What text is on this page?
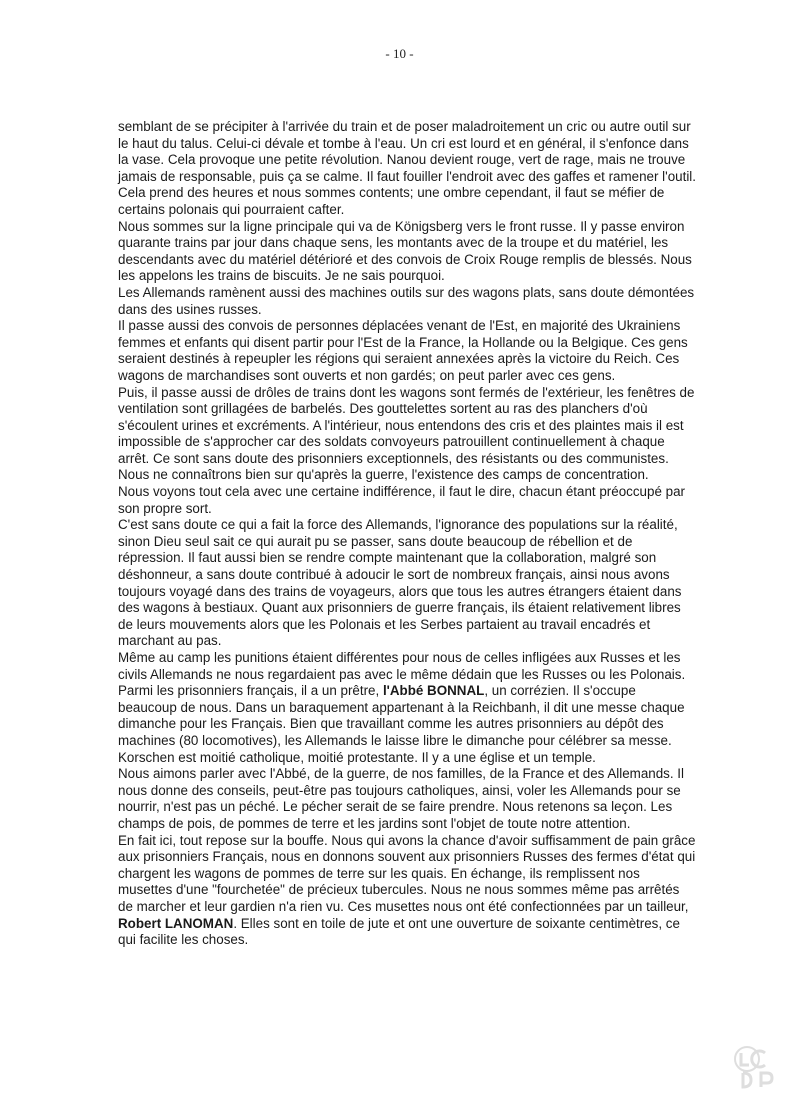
- 10 -

semblant de se précipiter à l'arrivée du train et de poser maladroitement un cric ou autre outil sur le haut du talus. Celui-ci dévale et tombe à l'eau. Un cri est lourd et en général, il s'enfonce dans la vase. Cela provoque une petite révolution. Nanou devient rouge, vert de rage, mais ne trouve jamais de responsable, puis ça se calme. Il faut fouiller l'endroit avec des gaffes et ramener l'outil. Cela prend des heures et nous sommes contents; une ombre cependant, il faut se méfier de certains polonais qui pourraient cafter.

Nous sommes sur la ligne principale qui va de Königsberg vers le front russe. Il y passe environ quarante trains par jour dans chaque sens, les montants avec de la troupe et du matériel, les descendants avec du matériel détérioré et des convois de Croix Rouge remplis de blessés. Nous les appelons les trains de biscuits. Je ne sais pourquoi.

Les Allemands ramènent aussi des machines outils sur des wagons plats, sans doute démontées dans des usines russes.

Il passe aussi des convois de personnes déplacées venant de l'Est, en majorité des Ukrainiens femmes et enfants qui disent partir pour l'Est de la France, la Hollande ou la Belgique. Ces gens seraient destinés à repeupler les régions qui seraient annexées après la victoire du Reich. Ces wagons de marchandises sont ouverts et non gardés; on peut parler avec ces gens.

Puis, il passe aussi de drôles de trains dont les wagons sont fermés de l'extérieur, les fenêtres de ventilation sont grillagées de barbelés. Des gouttelettes sortent au ras des planchers d'où s'écoulent urines et excréments. A l'intérieur, nous entendons des cris et des plaintes mais il est impossible de s'approcher car des soldats convoyeurs patrouillent continuellement à chaque arrêt. Ce sont sans doute des prisonniers exceptionnels, des résistants ou des communistes. Nous ne connaîtrons bien sur qu'après la guerre, l'existence des camps de concentration.

Nous voyons tout cela avec une certaine indifférence, il faut le dire, chacun étant préoccupé par son propre sort.

C'est sans doute ce qui a fait la force des Allemands, l'ignorance des populations sur la réalité, sinon Dieu seul sait ce qui aurait pu se passer, sans doute beaucoup de rébellion et de répression. Il faut aussi bien se rendre compte maintenant que la collaboration, malgré son déshonneur, a sans doute contribué à adoucir le sort de nombreux français, ainsi nous avons toujours voyagé dans des trains de voyageurs, alors que tous les autres étrangers étaient dans des wagons à bestiaux. Quant aux prisonniers de guerre français, ils étaient relativement libres de leurs mouvements alors que les Polonais et les Serbes partaient au travail encadrés et marchant au pas.

Même au camp les punitions étaient différentes pour nous de celles infligées aux Russes et les civils Allemands ne nous regardaient pas avec le même dédain que les Russes ou les Polonais.

Parmi les prisonniers français, il a un prêtre, l'Abbé BONNAL, un corrézien. Il s'occupe beaucoup de nous. Dans un baraquement appartenant à la Reichbanh, il dit une messe chaque dimanche pour les Français. Bien que travaillant comme les autres prisonniers au dépôt des machines (80 locomotives), les Allemands le laisse libre le dimanche pour célébrer sa messe. Korschen est moitié catholique, moitié protestante. Il y a une église et un temple.

Nous aimons parler avec l'Abbé, de la guerre, de nos familles, de la France et des Allemands. Il nous donne des conseils, peut-être pas toujours catholiques, ainsi, voler les Allemands pour se nourrir, n'est pas un péché. Le pécher serait de se faire prendre. Nous retenons sa leçon. Les champs de pois, de pommes de terre et les jardins sont l'objet de toute notre attention.

En fait ici, tout repose sur la bouffe. Nous qui avons la chance d'avoir suffisamment de pain grâce aux prisonniers Français, nous en donnons souvent aux prisonniers Russes des fermes d'état qui chargent les wagons de pommes de terre sur les quais. En échange, ils remplissent nos musettes d'une "fourchetée" de précieux tubercules. Nous ne nous sommes même pas arrêtés de marcher et leur gardien n'a rien vu. Ces musettes nous ont été confectionnées par un tailleur, Robert LANOMAN. Elles sont en toile de jute et ont une ouverture de soixante centimètres, ce qui facilite les choses.
